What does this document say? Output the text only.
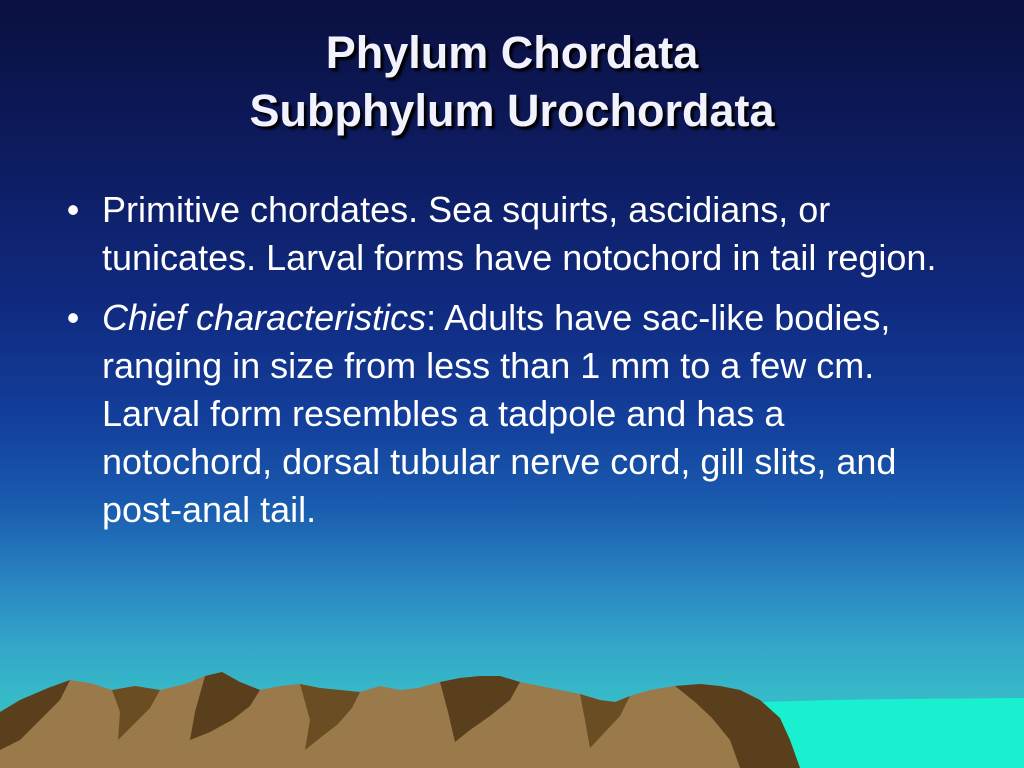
Phylum Chordata
Subphylum Urochordata
• Primitive chordates. Sea squirts, ascidians, or tunicates. Larval forms have notochord in tail region.
• Chief characteristics: Adults have sac-like bodies, ranging in size from less than 1 mm to a few cm. Larval form resembles a tadpole and has a notochord, dorsal tubular nerve cord, gill slits, and post-anal tail.
